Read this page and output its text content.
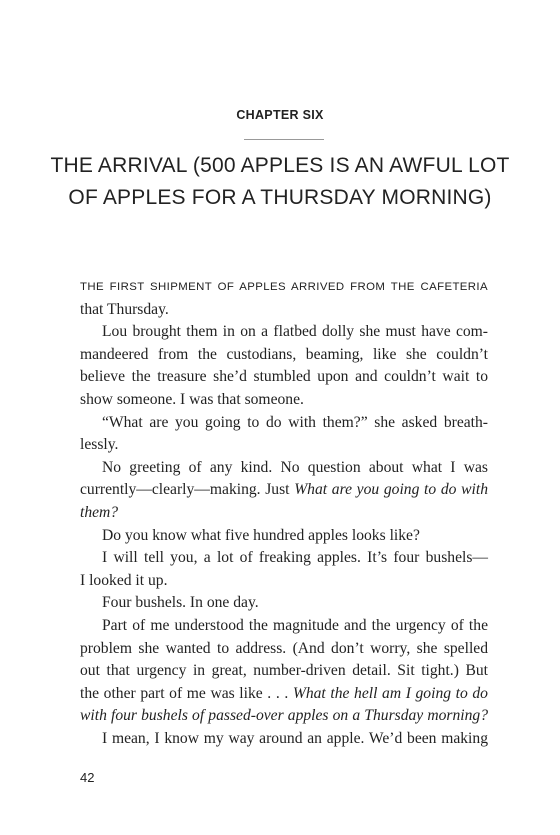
CHAPTER SIX
THE ARRIVAL (500 APPLES IS AN AWFUL LOT
OF APPLES FOR A THURSDAY MORNING)
THE FIRST SHIPMENT OF APPLES ARRIVED FROM THE CAFETERIA
that Thursday.
Lou brought them in on a flatbed dolly she must have com-
mandeered from the custodians, beaming, like she couldn’t
believe the treasure she’d stumbled upon and couldn’t wait to
show someone. I was that someone.
“What are you going to do with them?” she asked breath-
lessly.
No greeting of any kind. No question about what I was
currently—clearly—making. Just What are you going to do with
them?
Do you know what five hundred apples looks like?
I will tell you, a lot of freaking apples. It’s four bushels—
I looked it up.
Four bushels. In one day.
Part of me understood the magnitude and the urgency of the
problem she wanted to address. (And don’t worry, she spelled
out that urgency in great, number-driven detail. Sit tight.) But
the other part of me was like . . . What the hell am I going to do
with four bushels of passed-over apples on a Thursday morning?
I mean, I know my way around an apple. We’d been making
42
